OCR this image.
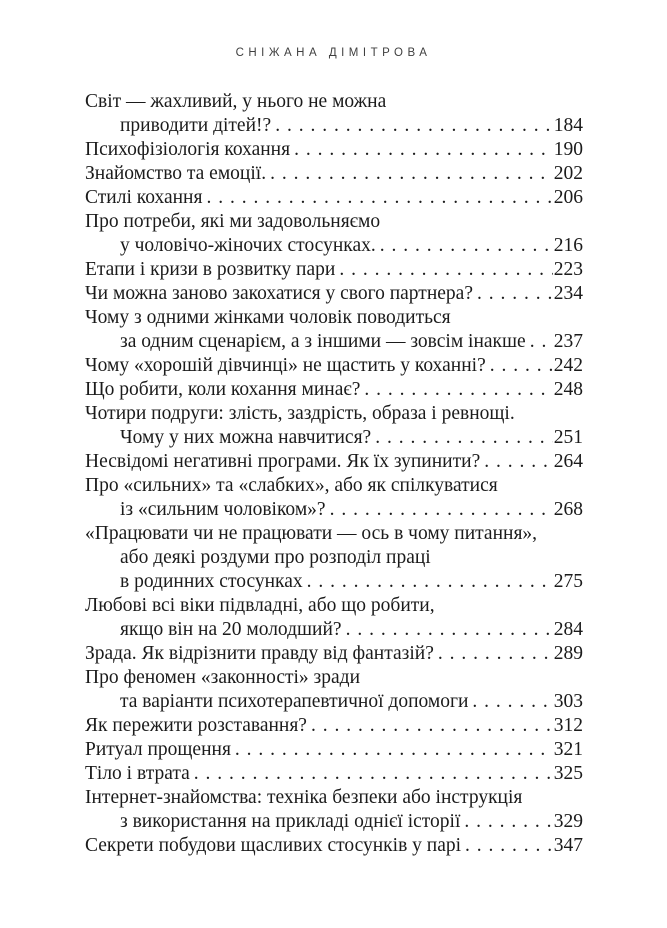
СНІЖАНА ДІМІТРОВА
Світ — жахливий, у нього не можна
приводити дітей!? . . .	184
Психофізіологія кохання . . .	190
Знайомство та емоції. . . .	202
Стилі кохання . . .	206
Про потреби, які ми задовольняємо
у чоловічо-жіночих стосунках. . . .	216
Етапи і кризи в розвитку пари . . .	223
Чи можна заново закохатися у свого партнера? . . .	234
Чому з одними жінками чоловік поводиться
за одним сценарієм, а з іншими — зовсім інакше . . . 237
Чому «хорошій дівчинці» не щастить у коханні? . . .	242
Що робити, коли кохання минає? . . .	248
Чотири подруги: злість, заздрість, образа і ревнощі.
Чому у них можна навчитися? . . .	251
Несвідомі негативні програми. Як їх зупинити? . . .	264
Про «сильних» та «слабких», або як спілкуватися
із «сильним чоловіком»? . . .	268
«Працювати чи не працювати — ось в чому питання»,
або деякі роздуми про розподіл праці
в родинних стосунках . . .	275
Любові всі віки підвладні, або що робити,
якщо він на 20 молодший? . . .	284
Зрада. Як відрізнити правду від фантазій? . . .	289
Про феномен «законності» зради
та варіанти психотерапевтичної допомоги . . .	303
Як пережити розставання? . . .	312
Ритуал прощення . . .	321
Тіло і втрата . . .	325
Інтернет-знайомства: техніка безпеки або інструкція
з використання на прикладі однієї історії . . .	329
Секрети побудови щасливих стосунків у парі . . .	347
